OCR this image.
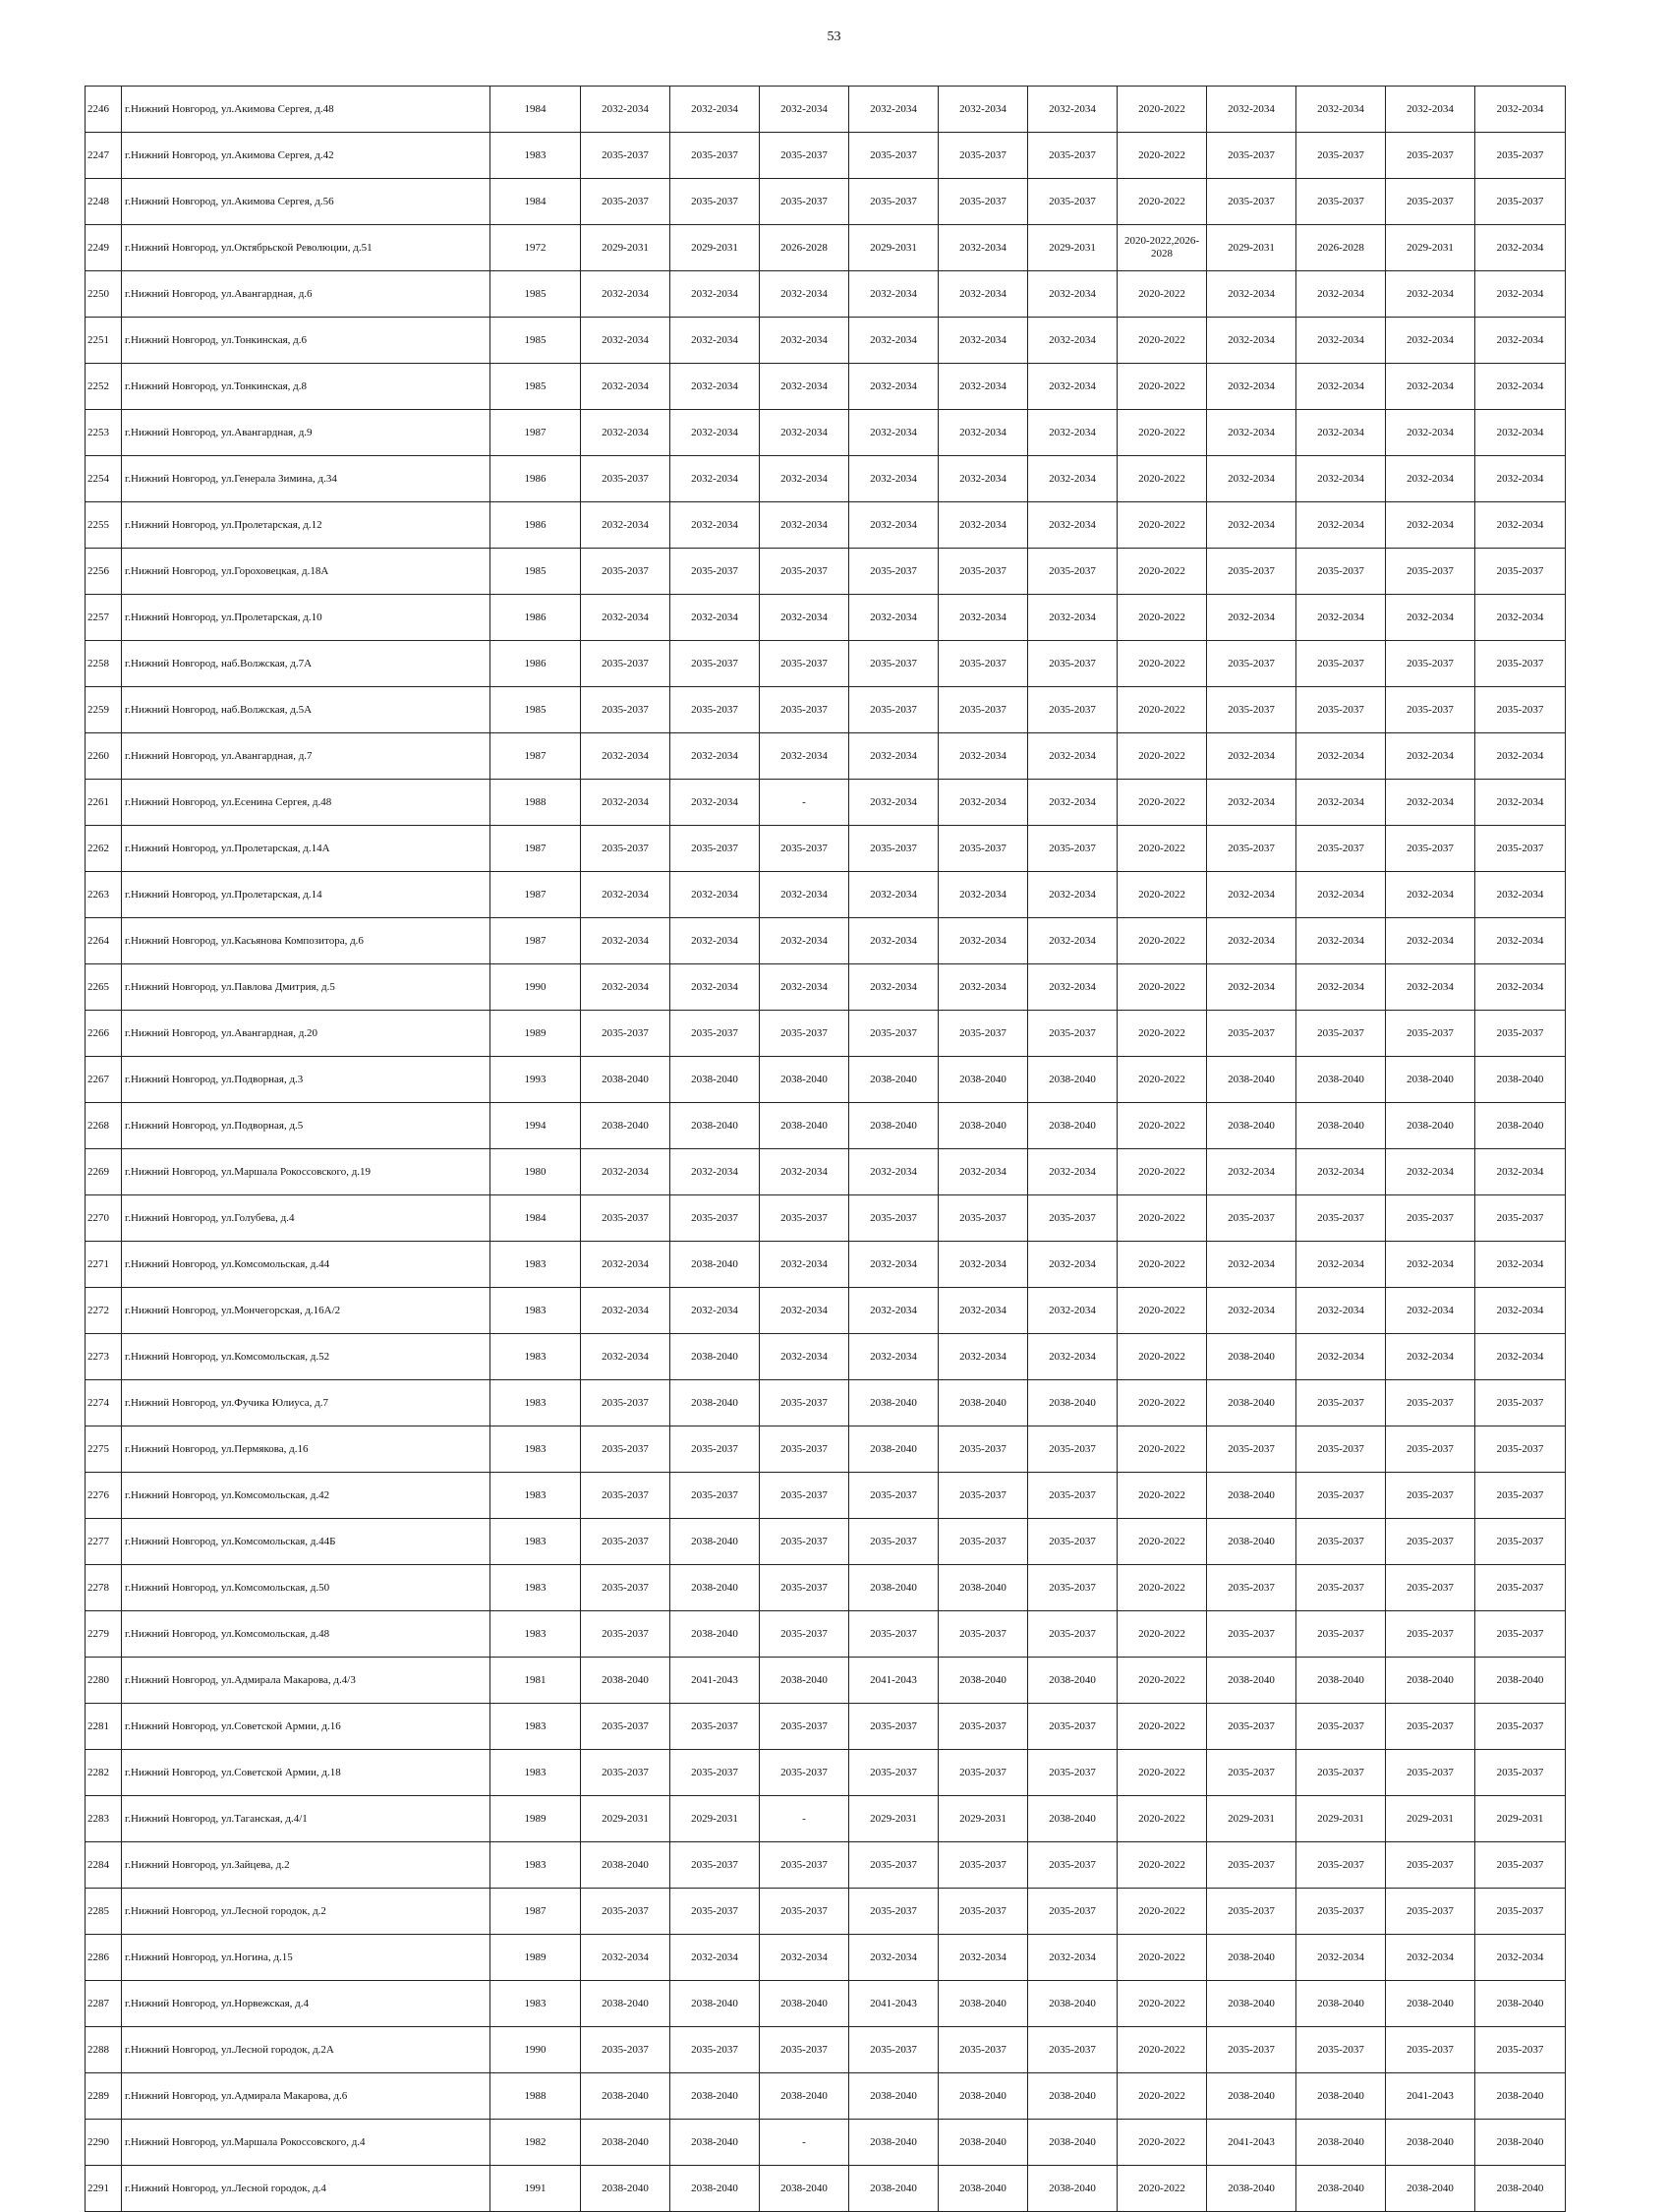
53
2246	г.Нижний Новгород, ул.Акимова Сергея, д.48	1984	2032-2034	2032-2034	2032-2034	2032-2034	2032-2034	2032-2034	2020-2022	2032-2034	2032-2034	2032-2034	2032-2034
2247	г.Нижний Новгород, ул.Акимова Сергея, д.42	1983	2035-2037	2035-2037	2035-2037	2035-2037	2035-2037	2035-2037	2020-2022	2035-2037	2035-2037	2035-2037	2035-2037
2248	г.Нижний Новгород, ул.Акимова Сергея, д.56	1984	2035-2037	2035-2037	2035-2037	2035-2037	2035-2037	2035-2037	2020-2022	2035-2037	2035-2037	2035-2037	2035-2037
2249	г.Нижний Новгород, ул.Октябрьской Революции, д.51	1972	2029-2031	2029-2031	2026-2028	2029-2031	2032-2034	2029-2031	2020-2022,2026-2028	2029-2031	2026-2028	2029-2031	2032-2034
2250	г.Нижний Новгород, ул.Авангардная, д.6	1985	2032-2034	2032-2034	2032-2034	2032-2034	2032-2034	2032-2034	2020-2022	2032-2034	2032-2034	2032-2034	2032-2034
2251	г.Нижний Новгород, ул.Тонкинская, д.6	1985	2032-2034	2032-2034	2032-2034	2032-2034	2032-2034	2032-2034	2020-2022	2032-2034	2032-2034	2032-2034	2032-2034
2252	г.Нижний Новгород, ул.Тонкинская, д.8	1985	2032-2034	2032-2034	2032-2034	2032-2034	2032-2034	2032-2034	2020-2022	2032-2034	2032-2034	2032-2034	2032-2034
2253	г.Нижний Новгород, ул.Авангардная, д.9	1987	2032-2034	2032-2034	2032-2034	2032-2034	2032-2034	2032-2034	2020-2022	2032-2034	2032-2034	2032-2034	2032-2034
2254	г.Нижний Новгород, ул.Генерала Зимина, д.34	1986	2035-2037	2032-2034	2032-2034	2032-2034	2032-2034	2032-2034	2020-2022	2032-2034	2032-2034	2032-2034	2032-2034
2255	г.Нижний Новгород, ул.Пролетарская, д.12	1986	2032-2034	2032-2034	2032-2034	2032-2034	2032-2034	2032-2034	2020-2022	2032-2034	2032-2034	2032-2034	2032-2034
2256	г.Нижний Новгород, ул.Гороховецкая, д.18А	1985	2035-2037	2035-2037	2035-2037	2035-2037	2035-2037	2035-2037	2020-2022	2035-2037	2035-2037	2035-2037	2035-2037
2257	г.Нижний Новгород, ул.Пролетарская, д.10	1986	2032-2034	2032-2034	2032-2034	2032-2034	2032-2034	2032-2034	2020-2022	2032-2034	2032-2034	2032-2034	2032-2034
2258	г.Нижний Новгород, наб.Волжская, д.7А	1986	2035-2037	2035-2037	2035-2037	2035-2037	2035-2037	2035-2037	2020-2022	2035-2037	2035-2037	2035-2037	2035-2037
2259	г.Нижний Новгород, наб.Волжская, д.5А	1985	2035-2037	2035-2037	2035-2037	2035-2037	2035-2037	2035-2037	2020-2022	2035-2037	2035-2037	2035-2037	2035-2037
2260	г.Нижний Новгород, ул.Авангардная, д.7	1987	2032-2034	2032-2034	2032-2034	2032-2034	2032-2034	2032-2034	2020-2022	2032-2034	2032-2034	2032-2034	2032-2034
2261	г.Нижний Новгород, ул.Есенина Сергея, д.48	1988	2032-2034	2032-2034	-	2032-2034	2032-2034	2032-2034	2020-2022	2032-2034	2032-2034	2032-2034	2032-2034
2262	г.Нижний Новгород, ул.Пролетарская, д.14А	1987	2035-2037	2035-2037	2035-2037	2035-2037	2035-2037	2035-2037	2020-2022	2035-2037	2035-2037	2035-2037	2035-2037
2263	г.Нижний Новгород, ул.Пролетарская, д.14	1987	2032-2034	2032-2034	2032-2034	2032-2034	2032-2034	2032-2034	2020-2022	2032-2034	2032-2034	2032-2034	2032-2034
2264	г.Нижний Новгород, ул.Касьянова Композитора, д.6	1987	2032-2034	2032-2034	2032-2034	2032-2034	2032-2034	2032-2034	2020-2022	2032-2034	2032-2034	2032-2034	2032-2034
2265	г.Нижний Новгород, ул.Павлова Дмитрия, д.5	1990	2032-2034	2032-2034	2032-2034	2032-2034	2032-2034	2032-2034	2020-2022	2032-2034	2032-2034	2032-2034	2032-2034
2266	г.Нижний Новгород, ул.Авангардная, д.20	1989	2035-2037	2035-2037	2035-2037	2035-2037	2035-2037	2035-2037	2020-2022	2035-2037	2035-2037	2035-2037	2035-2037
2267	г.Нижний Новгород, ул.Подворная, д.3	1993	2038-2040	2038-2040	2038-2040	2038-2040	2038-2040	2038-2040	2020-2022	2038-2040	2038-2040	2038-2040	2038-2040
2268	г.Нижний Новгород, ул.Подворная, д.5	1994	2038-2040	2038-2040	2038-2040	2038-2040	2038-2040	2038-2040	2020-2022	2038-2040	2038-2040	2038-2040	2038-2040
2269	г.Нижний Новгород, ул.Маршала Рокоссовского, д.19	1980	2032-2034	2032-2034	2032-2034	2032-2034	2032-2034	2032-2034	2020-2022	2032-2034	2032-2034	2032-2034	2032-2034
2270	г.Нижний Новгород, ул.Голубева, д.4	1984	2035-2037	2035-2037	2035-2037	2035-2037	2035-2037	2035-2037	2020-2022	2035-2037	2035-2037	2035-2037	2035-2037
2271	г.Нижний Новгород, ул.Комсомольская, д.44	1983	2032-2034	2038-2040	2032-2034	2032-2034	2032-2034	2032-2034	2020-2022	2032-2034	2032-2034	2032-2034	2032-2034
2272	г.Нижний Новгород, ул.Мончегорская, д.16А/2	1983	2032-2034	2032-2034	2032-2034	2032-2034	2032-2034	2032-2034	2020-2022	2032-2034	2032-2034	2032-2034	2032-2034
2273	г.Нижний Новгород, ул.Комсомольская, д.52	1983	2032-2034	2038-2040	2032-2034	2032-2034	2032-2034	2032-2034	2020-2022	2038-2040	2032-2034	2032-2034	2032-2034
2274	г.Нижний Новгород, ул.Фучика Юлиуса, д.7	1983	2035-2037	2038-2040	2035-2037	2038-2040	2038-2040	2038-2040	2020-2022	2038-2040	2035-2037	2035-2037	2035-2037
2275	г.Нижний Новгород, ул.Пермякова, д.16	1983	2035-2037	2035-2037	2035-2037	2038-2040	2035-2037	2035-2037	2020-2022	2035-2037	2035-2037	2035-2037	2035-2037
2276	г.Нижний Новгород, ул.Комсомольская, д.42	1983	2035-2037	2035-2037	2035-2037	2035-2037	2035-2037	2035-2037	2020-2022	2038-2040	2035-2037	2035-2037	2035-2037
2277	г.Нижний Новгород, ул.Комсомольская, д.44Б	1983	2035-2037	2038-2040	2035-2037	2035-2037	2035-2037	2035-2037	2020-2022	2038-2040	2035-2037	2035-2037	2035-2037
2278	г.Нижний Новгород, ул.Комсомольская, д.50	1983	2035-2037	2038-2040	2035-2037	2038-2040	2038-2040	2035-2037	2020-2022	2035-2037	2035-2037	2035-2037	2035-2037
2279	г.Нижний Новгород, ул.Комсомольская, д.48	1983	2035-2037	2038-2040	2035-2037	2035-2037	2035-2037	2035-2037	2020-2022	2035-2037	2035-2037	2035-2037	2035-2037
2280	г.Нижний Новгород, ул.Адмирала Макарова, д.4/3	1981	2038-2040	2041-2043	2038-2040	2041-2043	2038-2040	2038-2040	2020-2022	2038-2040	2038-2040	2038-2040	2038-2040
2281	г.Нижний Новгород, ул.Советской Армии, д.16	1983	2035-2037	2035-2037	2035-2037	2035-2037	2035-2037	2035-2037	2020-2022	2035-2037	2035-2037	2035-2037	2035-2037
2282	г.Нижний Новгород, ул.Советской Армии, д.18	1983	2035-2037	2035-2037	2035-2037	2035-2037	2035-2037	2035-2037	2020-2022	2035-2037	2035-2037	2035-2037	2035-2037
2283	г.Нижний Новгород, ул.Таганская, д.4/1	1989	2029-2031	2029-2031	-	2029-2031	2029-2031	2038-2040	2020-2022	2029-2031	2029-2031	2029-2031	2029-2031
2284	г.Нижний Новгород, ул.Зайцева, д.2	1983	2038-2040	2035-2037	2035-2037	2035-2037	2035-2037	2035-2037	2020-2022	2035-2037	2035-2037	2035-2037	2035-2037
2285	г.Нижний Новгород, ул.Лесной городок, д.2	1987	2035-2037	2035-2037	2035-2037	2035-2037	2035-2037	2035-2037	2020-2022	2035-2037	2035-2037	2035-2037	2035-2037
2286	г.Нижний Новгород, ул.Ногина, д.15	1989	2032-2034	2032-2034	2032-2034	2032-2034	2032-2034	2032-2034	2020-2022	2038-2040	2032-2034	2032-2034	2032-2034
2287	г.Нижний Новгород, ул.Норвежская, д.4	1983	2038-2040	2038-2040	2038-2040	2041-2043	2038-2040	2038-2040	2020-2022	2038-2040	2038-2040	2038-2040	2038-2040
2288	г.Нижний Новгород, ул.Лесной городок, д.2А	1990	2035-2037	2035-2037	2035-2037	2035-2037	2035-2037	2035-2037	2020-2022	2035-2037	2035-2037	2035-2037	2035-2037
2289	г.Нижний Новгород, ул.Адмирала Макарова, д.6	1988	2038-2040	2038-2040	2038-2040	2038-2040	2038-2040	2038-2040	2020-2022	2038-2040	2038-2040	2041-2043	2038-2040
2290	г.Нижний Новгород, ул.Маршала Рокоссовского, д.4	1982	2038-2040	2038-2040	-	2038-2040	2038-2040	2038-2040	2020-2022	2041-2043	2038-2040	2038-2040	2038-2040
2291	г.Нижний Новгород, ул.Лесной городок, д.4	1991	2038-2040	2038-2040	2038-2040	2038-2040	2038-2040	2038-2040	2020-2022	2038-2040	2038-2040	2038-2040	2038-2040
